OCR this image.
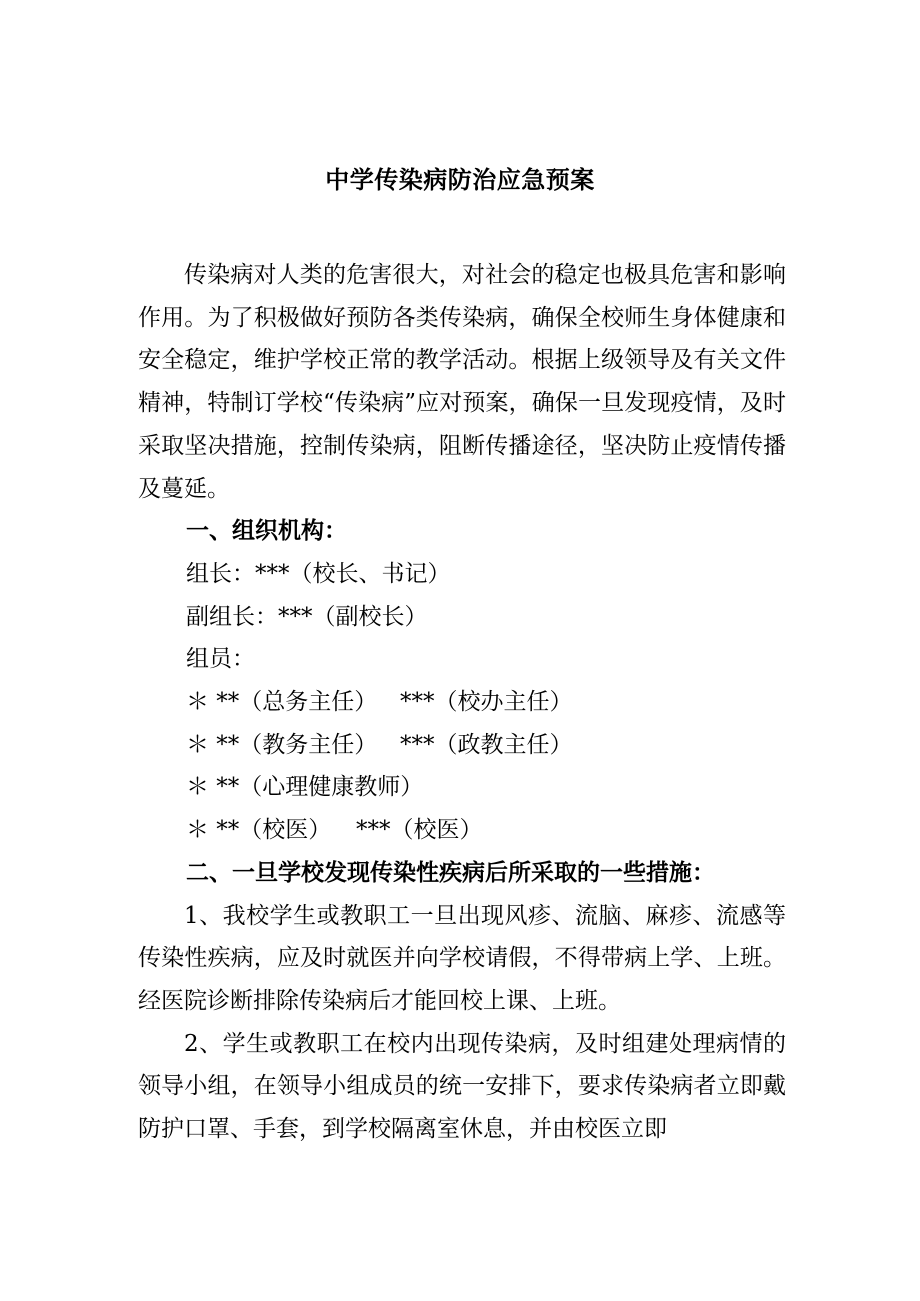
中学传染病防治应急预案

传染病对人类的危害很大，对社会的稳定也极具危害和影响作用。为了积极做好预防各类传染病，确保全校师生身体健康和安全稳定，维护学校正常的教学活动。根据上级领导及有关文件精神，特制订学校“传染病”应对预案，确保一旦发现疫情，及时采取坚决措施，控制传染病，阻断传播途径，坚决防止疫情传播及蔓延。

一、组织机构：

组长：***（校长、书记）

副组长：***（副校长）

组员：

＊ **（总务主任） ***（校办主任）

＊ **（教务主任） ***（政教主任）

＊ **（心理健康教师）

＊ **（校医）***（校医）

二、一旦学校发现传染性疾病后所采取的一些措施：

1、我校学生或教职工一旦出现风疹、流脑、麻疹、流感等传染性疾病，应及时就医并向学校请假，不得带病上学、上班。经医院诊断排除传染病后才能回校上课、上班。

2、学生或教职工在校内出现传染病，及时组建处理病情的领导小组，在领导小组成员的统一安排下，要求传染病者立即戴防护口罩、手套，到学校隔离室休息，并由校医立即
